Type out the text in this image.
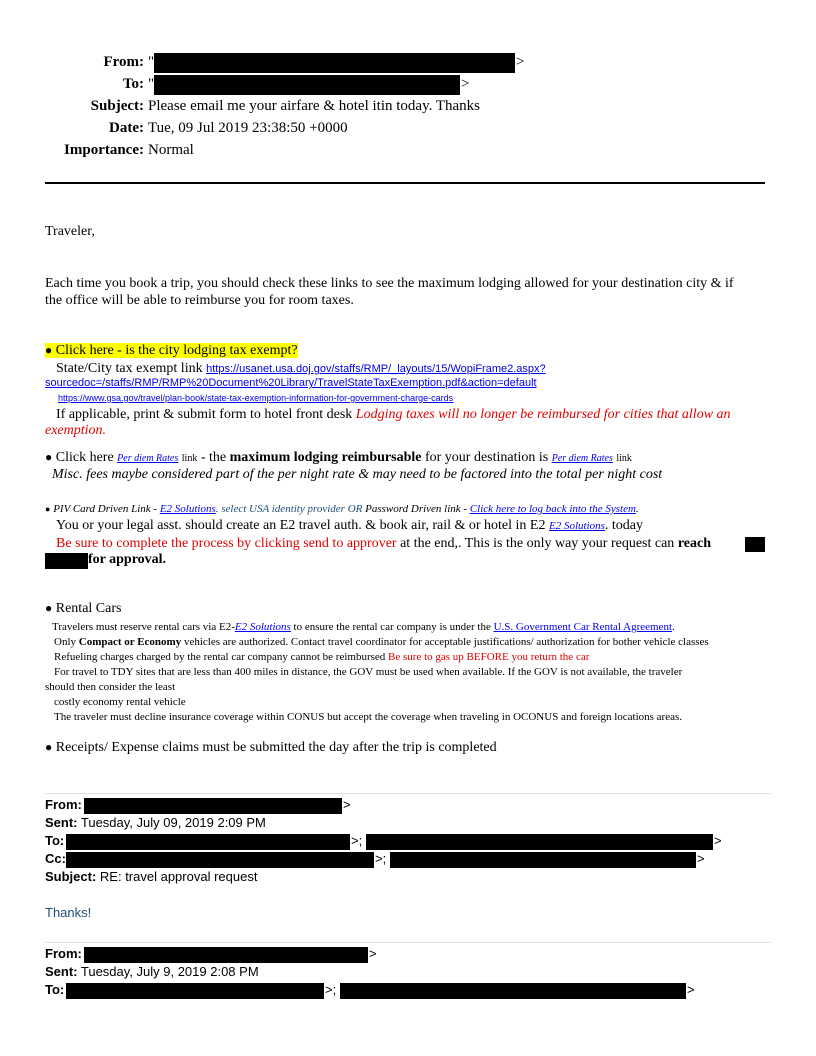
From: "	>
To: "	>
Subject: Please email me your airfare & hotel itin today. Thanks
Date: Tue, 09 Jul 2019 23:38:50 +0000
Importance: Normal
Traveler,
Each time you book a trip, you should check these links to see the maximum lodging allowed for your destination city & if
the office will be able to reimburse you for room taxes.
● Click here - is the city lodging tax exempt?
State/City tax exempt link https://usanet.usa.doj.gov/staffs/RMP/_layouts/15/WopiFrame2.aspx?
sourcedoc=/staffs/RMP/RMP%20Document%20Library/TravelStateTaxExemption.pdf&action=default
https://www.gsa.gov/travel/plan-book/state-tax-exemption-information-for-government-charge-cards
If applicable, print & submit form to hotel front desk Lodging taxes will no longer be reimbursed for cities that allow an
exemption.
● Click here Per diem Rates link - the maximum lodging reimbursable for your destination is Per diem Rates link
Misc. fees maybe considered part of the per night rate & may need to be factored into the total per night cost
● PIV Card Driven Link - E2 Solutions. select USA identity provider OR Password Driven link - Click here to log back into the System.
You or your legal asst. should create an E2 travel auth. & book air, rail & or hotel in E2 E2 Solutions. today
Be sure to complete the process by clicking send to approver at the end,. This is the only way your request can reach
for approval.
● Rental Cars
Travelers must reserve rental cars via E2-E2 Solutions to ensure the rental car company is under the U.S. Government Car Rental Agreement.
Only Compact or Economy vehicles are authorized. Contact travel coordinator for acceptable justifications/ authorization for bother vehicle classes
Refueling charges charged by the rental car company cannot be reimbursed Be sure to gas up BEFORE you return the car
For travel to TDY sites that are less than 400 miles in distance, the GOV must be used when available. If the GOV is not available, the traveler
should then consider the least
costly economy rental vehicle
The traveler must decline insurance coverage within CONUS but accept the coverage when traveling in OCONUS and foreign locations areas.
● Receipts/ Expense claims must be submitted the day after the trip is completed
From:	>
Sent: Tuesday, July 09, 2019 2:09 PM
To:	>;	>
Cc:	>;	>
Subject: RE: travel approval request
Thanks!
From:	>
Sent: Tuesday, July 9, 2019 2:08 PM
To:	>;	>
